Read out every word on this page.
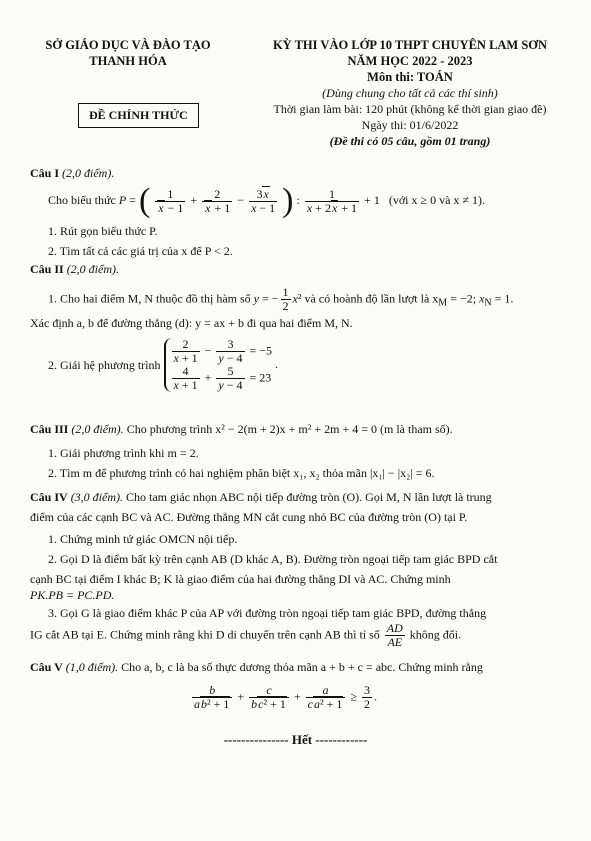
SỞ GIÁO DỤC VÀ ĐÀO TẠO
THANH HÓA
KỲ THI VÀO LỚP 10 THPT CHUYÊN LAM SƠN
NĂM HỌC 2022 - 2023
Môn thi: TOÁN
(Dùng chung cho tất cả các thí sinh)
Thời gian làm bài: 120 phút (không kể thời gian giao đề)
Ngày thi: 01/6/2022
(Đề thi có 05 câu, gồm 01 trang)
ĐỀ CHÍNH THỨC
Câu I (2,0 điểm).
Cho biểu thức P = ( $\frac{1}{x - 1} + \frac{2}{x + 1} - \frac{3x}{x - 1}$ ) : $\frac{1}{x + 2x + 1} + 1$   (với x ≥ 0 và x ≠ 1).
1. Rút gọn biểu thức P.
2. Tìm tất cả các giá trị của x để P < 2.
Câu II (2,0 điểm).
1. Cho hai điểm M, N thuộc đồ thị hàm số y = − $\frac{1}{2} x^2$ và có hoành độ lần lượt là $x_M = -2$; $x_N = 1$.
Xác định a, b để đường thẳng (d): y = ax + b đi qua hai điểm M, N.
2. Giải hệ phương trình $\frac{2}{x + 1} - \frac{3}{y - 4} = -5$
$\frac{4}{x + 1} + \frac{5}{y - 4} = 23$
.
Câu III (2,0 điểm). Cho phương trình x² − 2(m + 2)x + m² + 2m + 4 = 0 (m là tham số).
1. Giải phương trình khi m = 2.
2. Tìm m để phương trình có hai nghiệm phân biệt x₁, x₂ thỏa mãn |x₁| − |x₂| = 6.
Câu IV (3,0 điểm). Cho tam giác nhọn ABC nội tiếp đường tròn (O). Gọi M, N lần lượt là trung
điểm của các cạnh BC và AC. Đường thẳng MN cắt cung nhỏ BC của đường tròn (O) tại P.
1. Chứng minh tứ giác OMCN nội tiếp.
2. Gọi D là điểm bất kỳ trên cạnh AB (D khác A, B). Đường tròn ngoại tiếp tam giác BPD cắt
cạnh BC tại điểm I khác B; K là giao điểm của hai đường thẳng DI và AC. Chứng minh
PK.PB = PC.PD.
3. Gọi G là giao điểm khác P của AP với đường tròn ngoại tiếp tam giác BPD, đường thẳng
IG cắt AB tại E. Chứng minh rằng khi D di chuyển trên cạnh AB thì tỉ số $\frac{AD}{AE}$ không đổi.
Câu V (1,0 điểm). Cho a, b, c là ba số thực dương thỏa mãn a + b + c = abc. Chứng minh rằng
$\frac{b}{\text{ab² + 1}} + \frac{c}{\text{bc² + 1}} + \frac{a}{\text{ca² + 1}} \ge \frac{3}{2}$ .
--------------- Hết ------------
